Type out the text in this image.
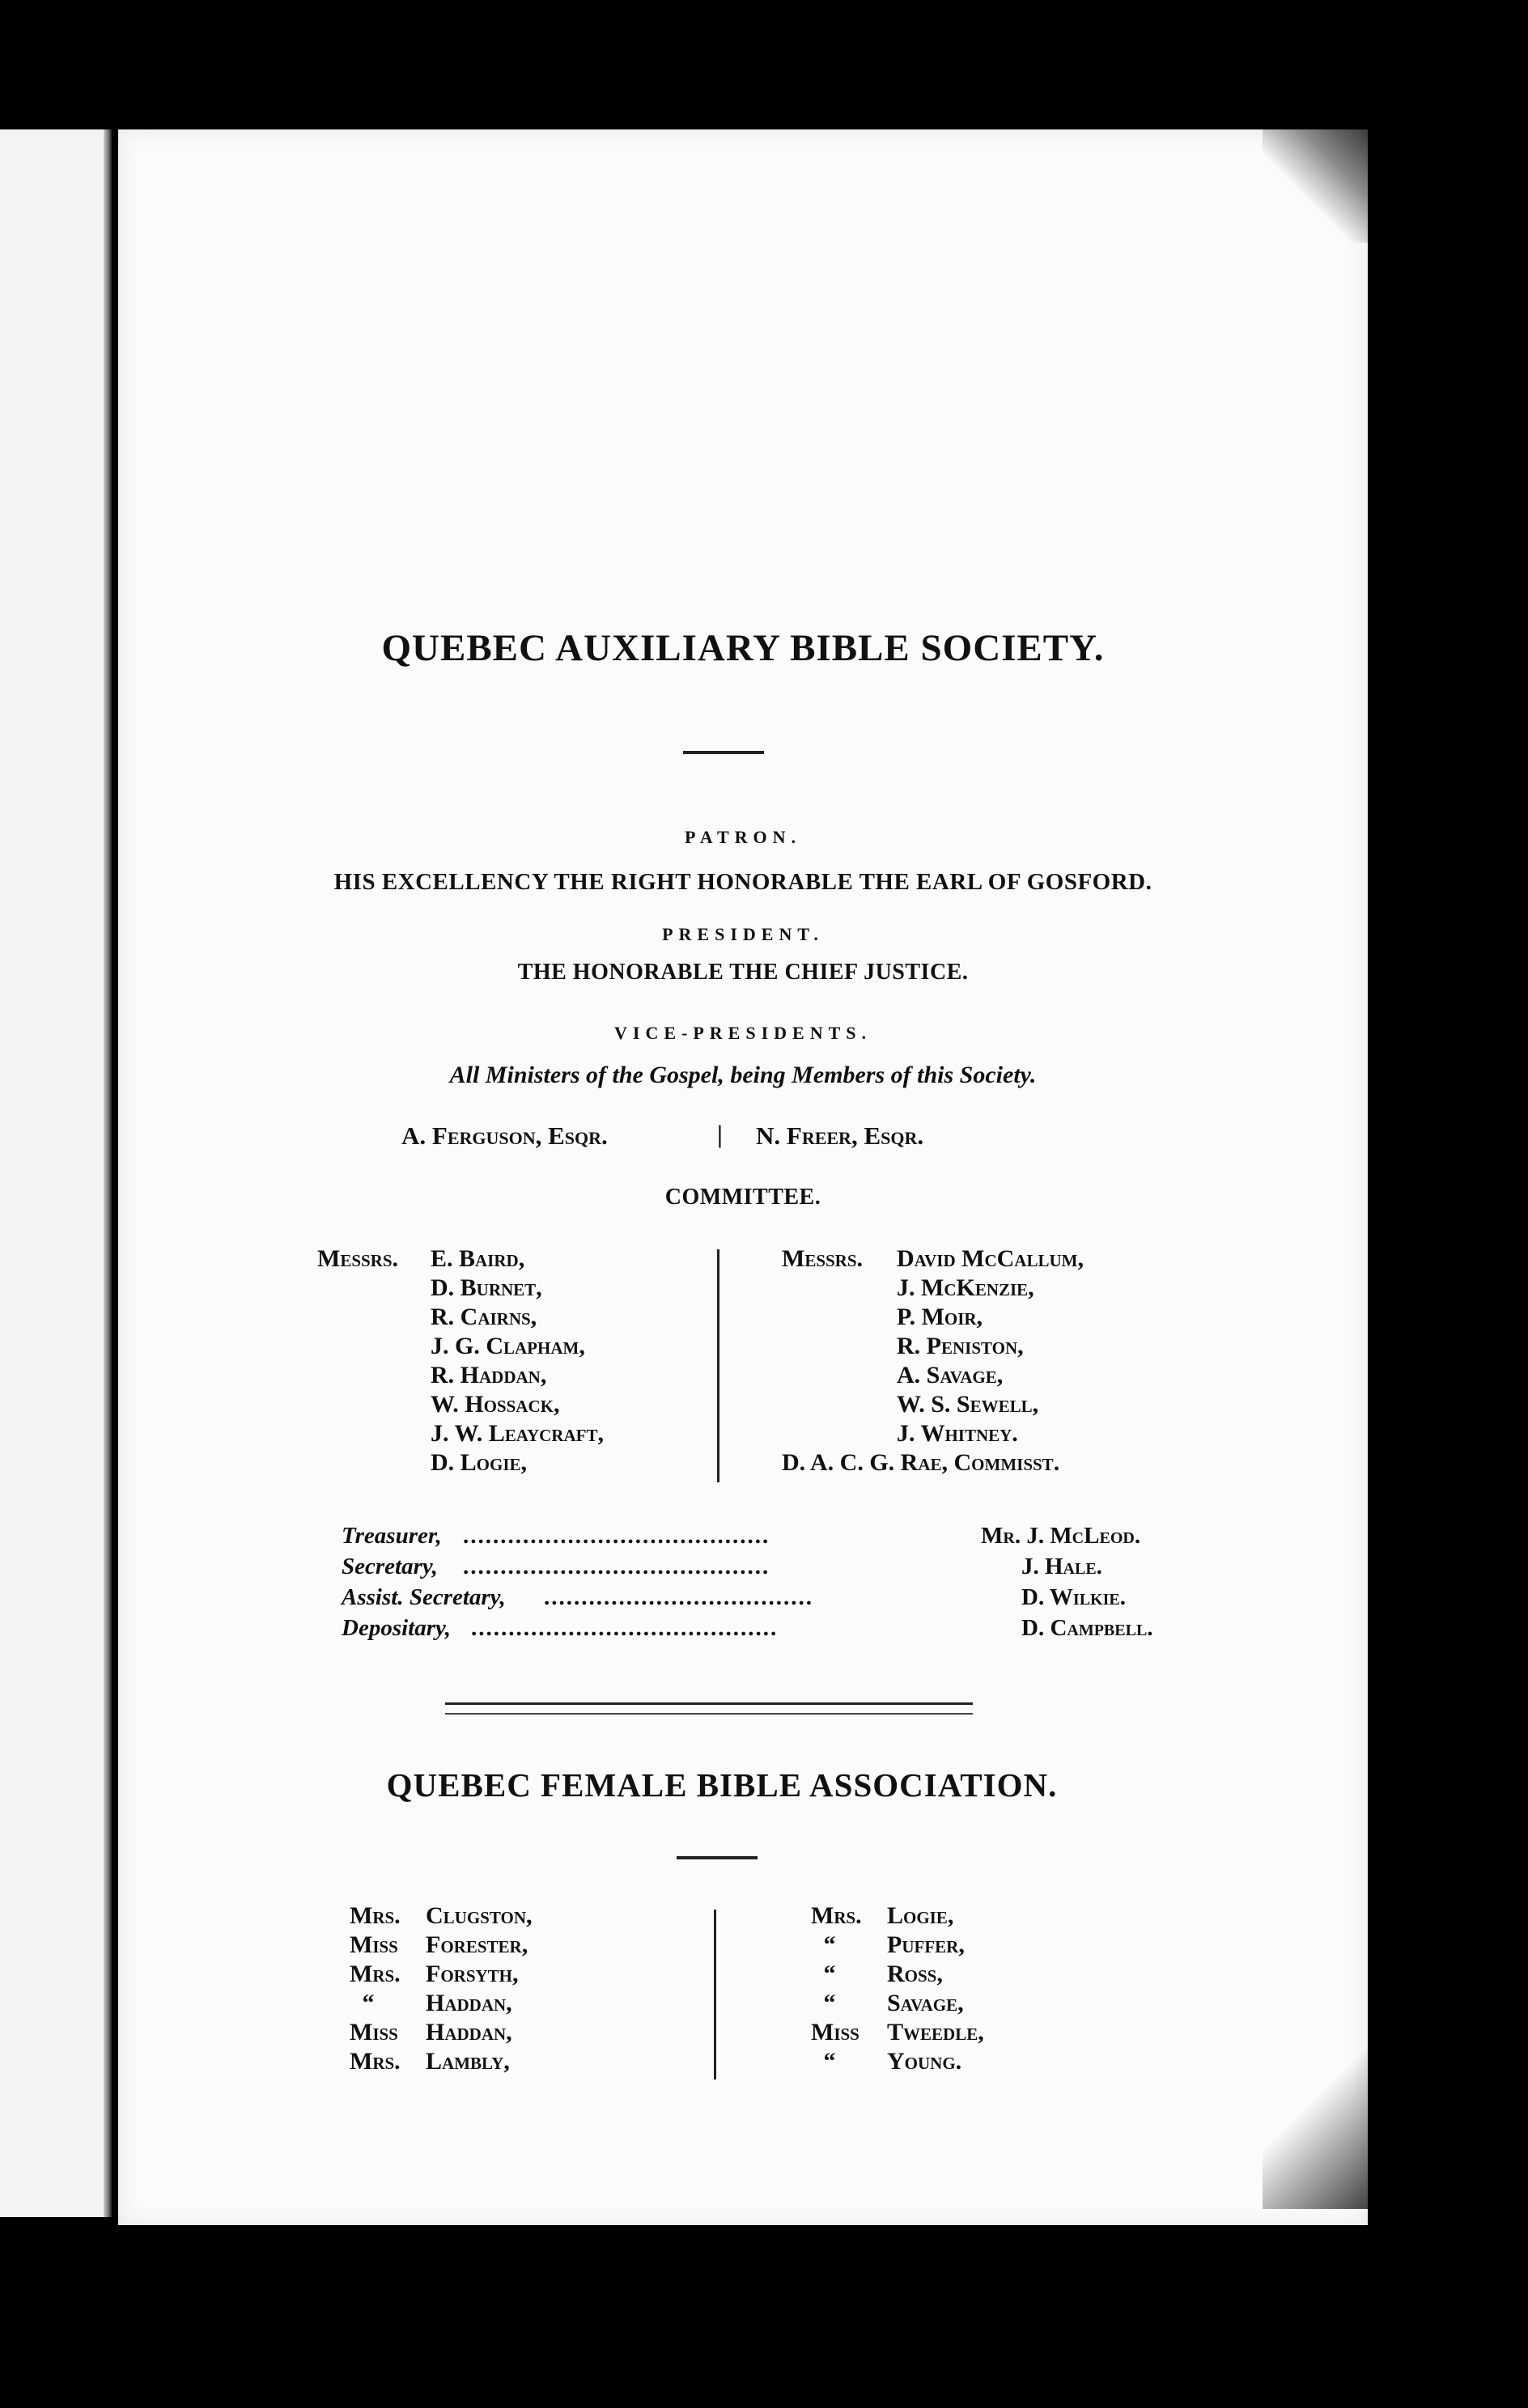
QUEBEC AUXILIARY BIBLE SOCIETY.
PATRON.
HIS EXCELLENCY THE RIGHT HONORABLE THE EARL OF GOSFORD.
PRESIDENT.
THE HONORABLE THE CHIEF JUSTICE.
VICE-PRESIDENTS.
All Ministers of the Gospel, being Members of this Society.
A. Ferguson, Esqr.	| N. Freer, Esqr.
COMMITTEE.
Messrs. E. Baird,
D. Burnet,
R. Cairns,
J. G. Clapham,
R. Haddan,
W. Hossack,
J. W. Leaycraft,
D. Logie,
Messrs. David McCallum,
J. McKenzie,
P. Moir,
R. Peniston,
A. Savage,
W. S. Sewell,
J. Whitney.
D. A. C. G. Rae, Commisst.
Treasurer, .........................................	Mr. J. McLeod.
Secretary, .........................................	J. Hale.
Assist. Secretary, ....................................	D. Wilkie.
Depositary, .........................................	D. Campbell.
QUEBEC FEMALE BIBLE ASSOCIATION.
Mrs. Clugston,
Miss Forester,
Mrs. Forsyth,
“ Haddan,
Miss Haddan,
Mrs. Lambly,
Mrs. Logie,
“ Puffer,
“ Ross,
“ Savage,
Miss Tweedle,
“ Young.
